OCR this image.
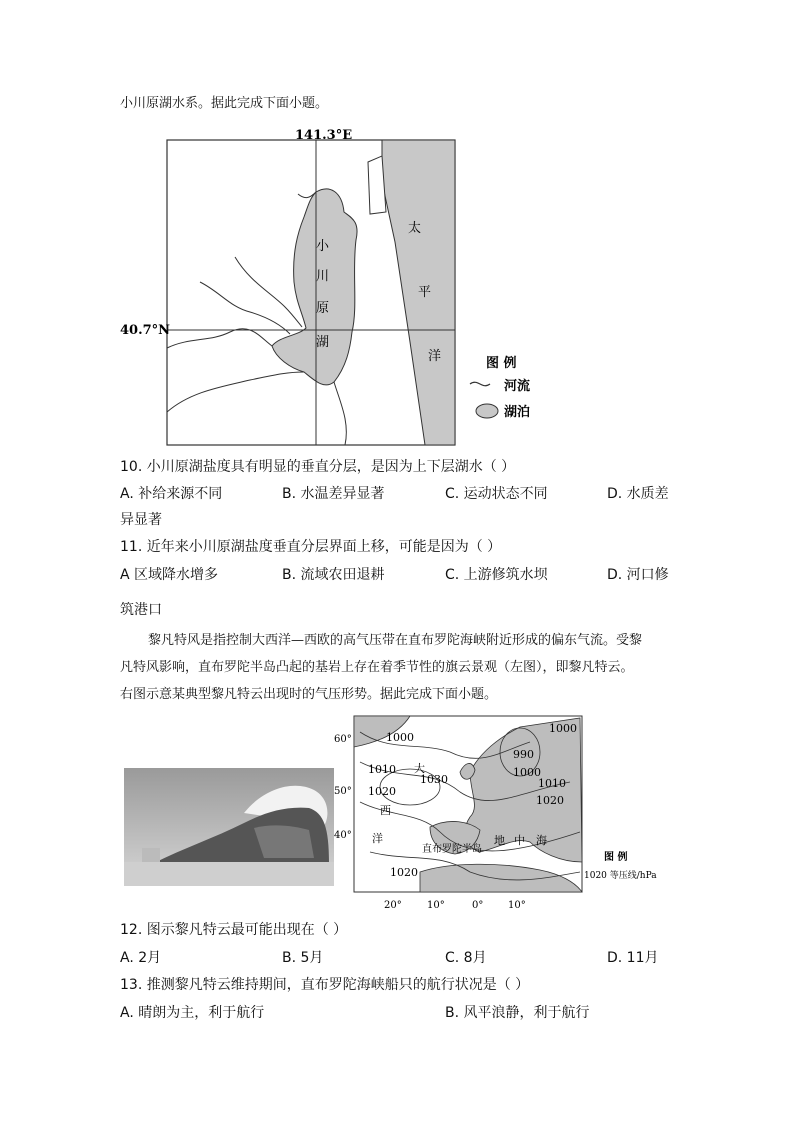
小川原湖水系。据此完成下面小题。
141.3°E
40.7°N
小
川
原
湖
太
平
洋	图 例
河流
湖泊
10. 小川原湖盐度具有明显的垂直分层，是因为上下层湖水（ ）
A. 补给来源不同	B. 水温差异显著	C. 运动状态不同	D. 水质差
异显著
11. 近年来小川原湖盐度垂直分层界面上移，可能是因为（ ）
A 区域降水增多	B. 流域农田退耕	C. 上游修筑水坝	D. 河口修
筑港口
黎凡特风是指控制大西洋—西欧的高气压带在直布罗陀海峡附近形成的偏东气流。受黎
凡特风影响，直布罗陀半岛凸起的基岩上存在着季节性的旗云景观（左图），即黎凡特云。
右图示意某典型黎凡特云出现时的气压形势。据此完成下面小题。
1000
1010
1030
990
1000
1000
1010
1020
1020
1020
大
西
洋	地 中 海
直布罗陀半岛
60°
50°
40°
20°	10°	0° 10°
图 例
1020 等压线/hPa
12. 图示黎凡特云最可能出现在（ ）
A. 2月	B. 5月	C. 8月	D. 11月
13. 推测黎凡特云维持期间，直布罗陀海峡船只的航行状况是（ ）
A. 晴朗为主，利于航行	B. 风平浪静，利于航行
